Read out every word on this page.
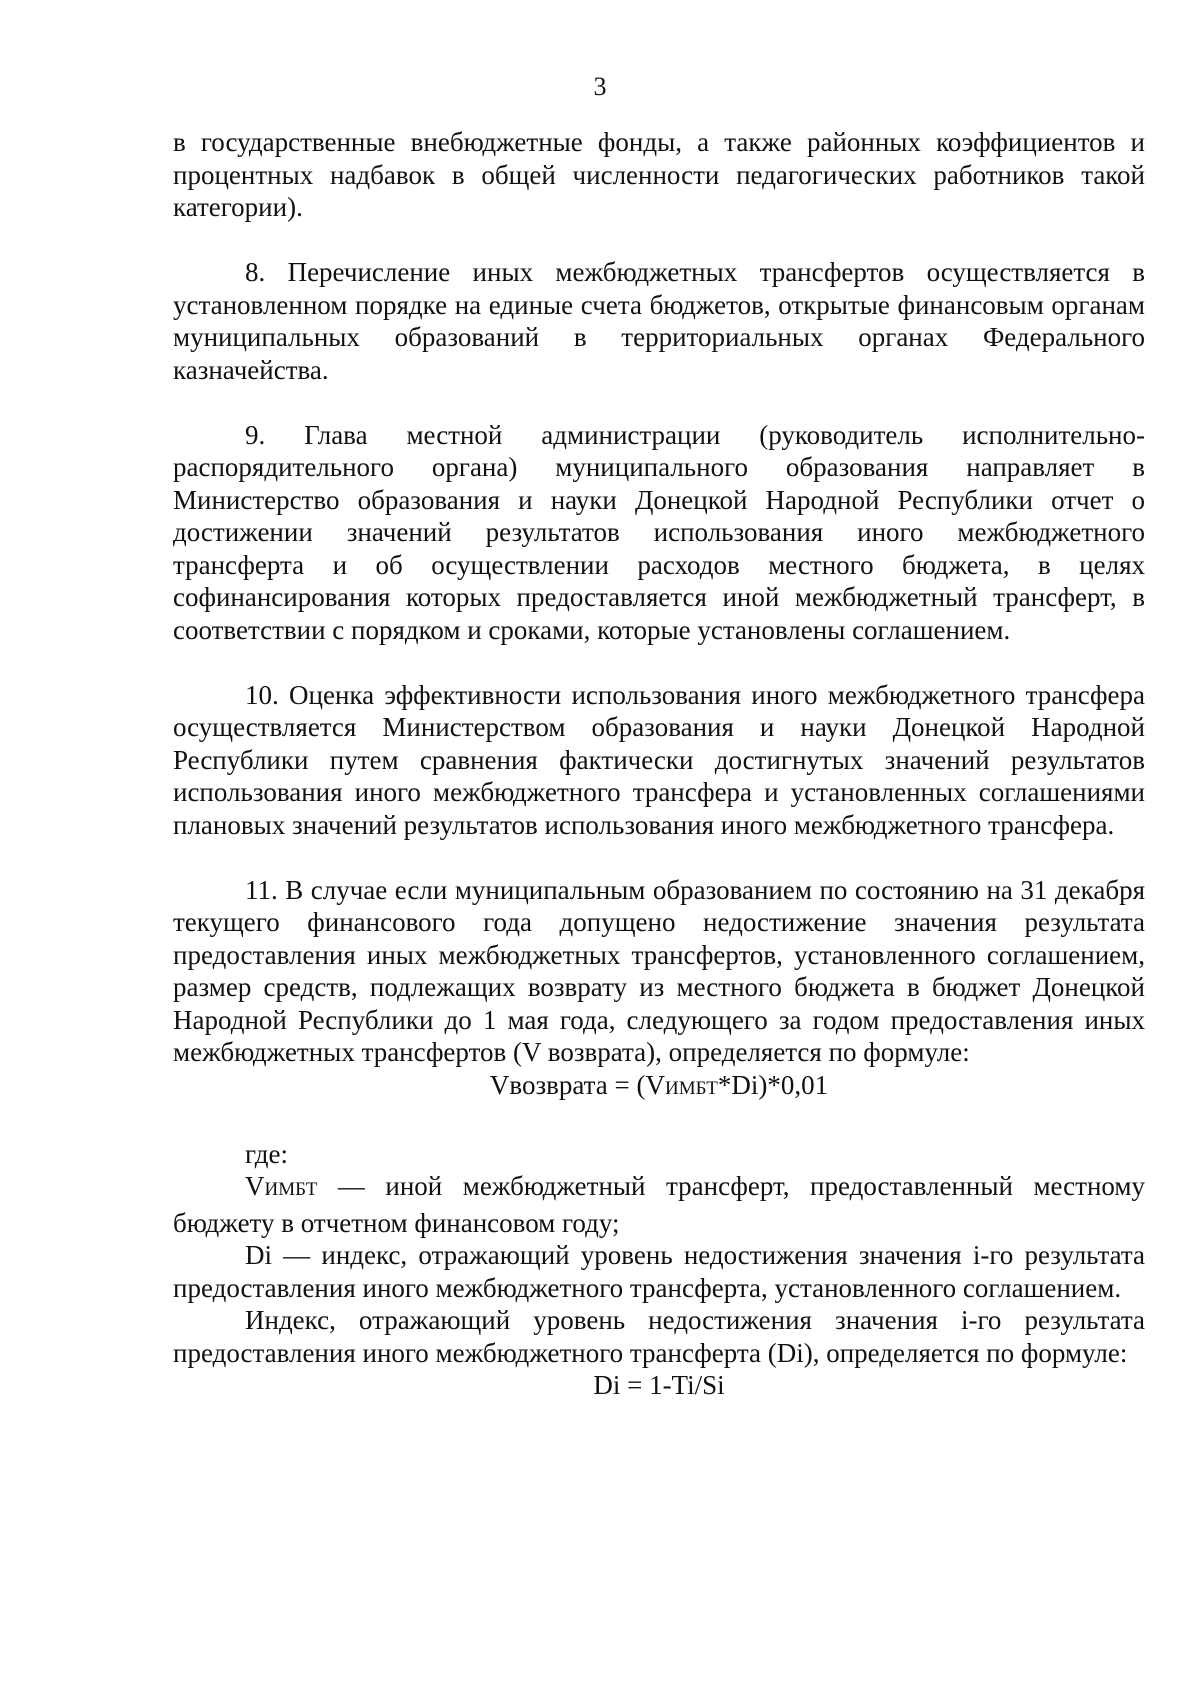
3

в государственные внебюджетные фонды, а также районных коэффициентов и процентных надбавок в общей численности педагогических работников такой категории).

8. Перечисление иных межбюджетных трансфертов осуществляется в установленном порядке на единые счета бюджетов, открытые финансовым органам муниципальных образований в территориальных органах Федерального казначейства.

9. Глава местной администрации (руководитель исполнительно-распорядительного органа) муниципального образования направляет в Министерство образования и науки Донецкой Народной Республики отчет о достижении значений результатов использования иного межбюджетного трансферта и об осуществлении расходов местного бюджета, в целях софинансирования которых предоставляется иной межбюджетный трансферт, в соответствии с порядком и сроками, которые установлены соглашением.

10. Оценка эффективности использования иного межбюджетного трансфера осуществляется Министерством образования и науки Донецкой Народной Республики путем сравнения фактически достигнутых значений результатов использования иного межбюджетного трансфера и установленных соглашениями плановых значений результатов использования иного межбюджетного трансфера.

11. В случае если муниципальным образованием по состоянию на 31 декабря текущего финансового года допущено недостижение значения результата предоставления иных межбюджетных трансфертов, установленного соглашением, размер средств, подлежащих возврату из местного бюджета в бюджет Донецкой Народной Республики до 1 мая года, следующего за годом предоставления иных межбюджетных трансфертов (V возврата), определяется по формуле:

Vвозврата = (VИМБТ*Di)*0,01

где:

VИМБТ — иной межбюджетный трансферт, предоставленный местному бюджету в отчетном финансовом году;

Di — индекс, отражающий уровень недостижения значения i-го результата предоставления иного межбюджетного трансферта, установленного соглашением.

Индекс, отражающий уровень недостижения значения i-го результата предоставления иного межбюджетного трансферта (Di), определяется по формуле:

Di = 1-Ti/Si
